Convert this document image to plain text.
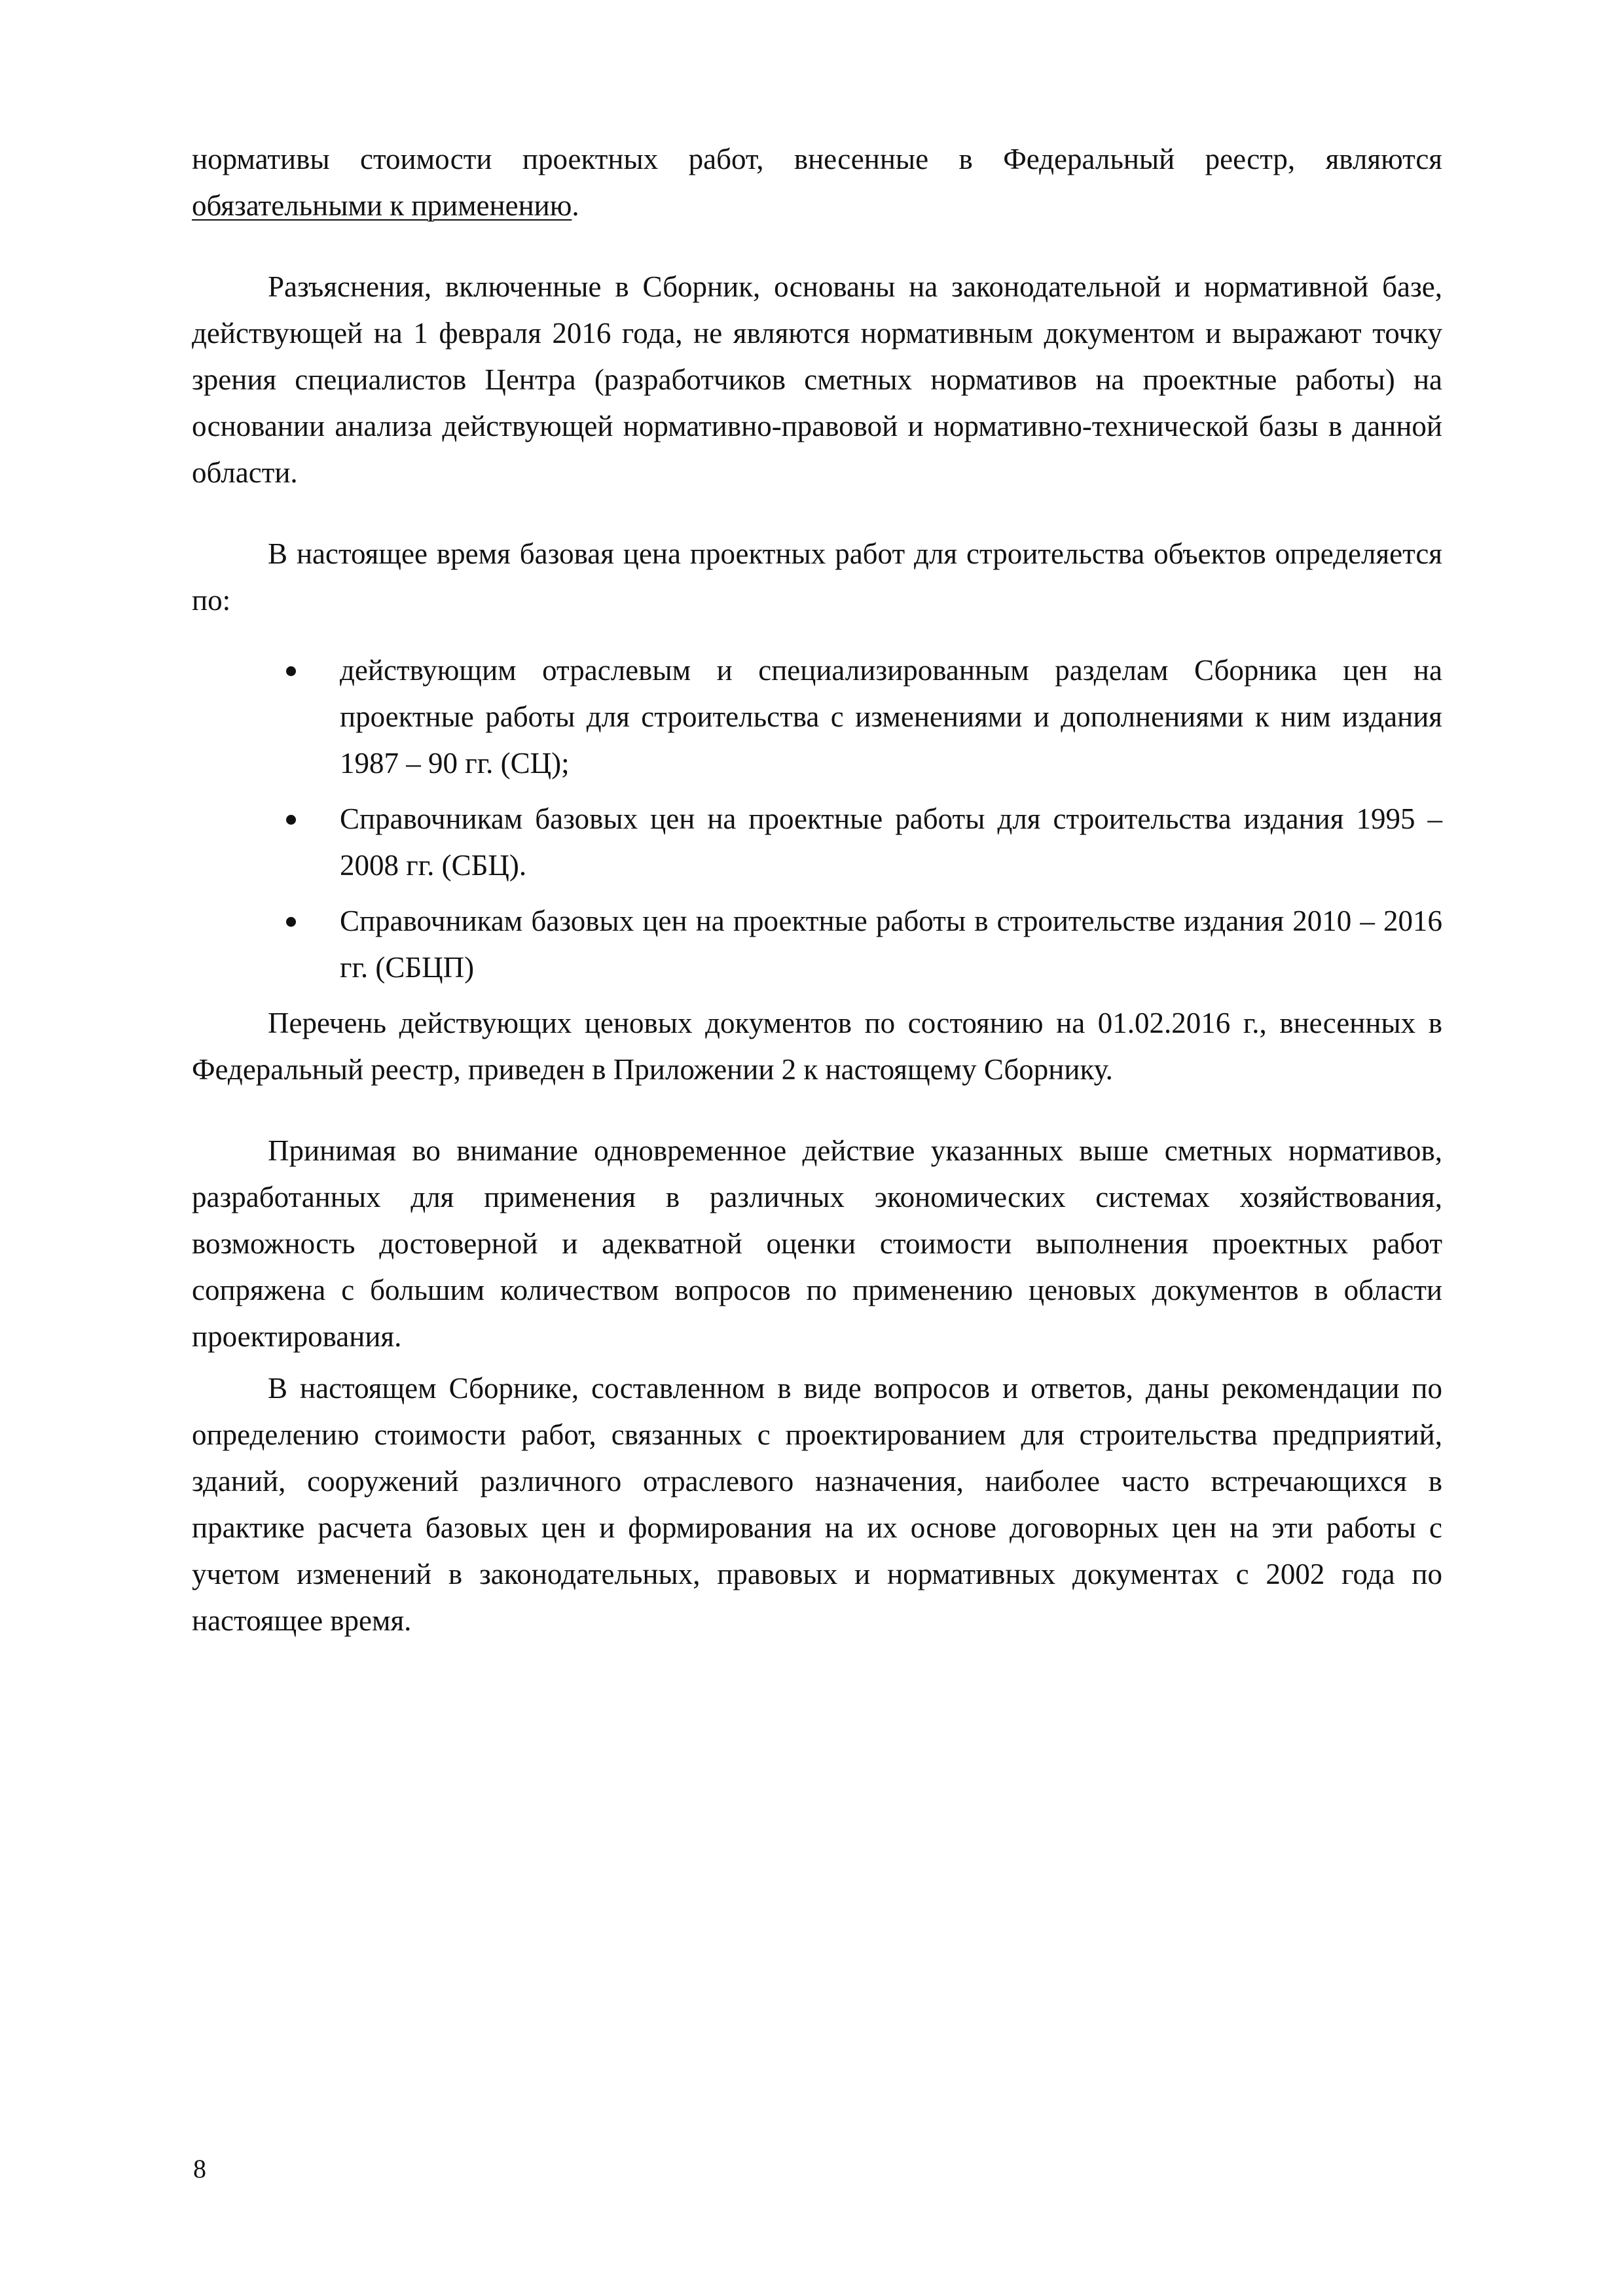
нормативы стоимости проектных работ, внесенные в Федеральный реестр, являются обязательными к применению.

Разъяснения, включенные в Сборник, основаны на законодательной и нормативной базе, действующей на 1 февраля 2016 года, не являются нормативным документом и выражают точку зрения специалистов Центра (разработчиков сметных нормативов на проектные работы) на основании анализа действующей нормативно-правовой и нормативно-технической базы в данной области.

В настоящее время базовая цена проектных работ для строительства объектов определяется по:

действующим отраслевым и специализированным разделам Сборника цен на проектные работы для строительства с изменениями и дополнениями к ним издания 1987 – 90 гг. (СЦ);
Справочникам базовых цен на проектные работы для строительства издания 1995 – 2008 гг. (СБЦ).
Справочникам базовых цен на проектные работы в строительстве издания 2010 – 2016 гг. (СБЦП)

Перечень действующих ценовых документов по состоянию на 01.02.2016 г., внесенных в Федеральный реестр, приведен в Приложении 2 к настоящему Сборнику.

Принимая во внимание одновременное действие указанных выше сметных нормативов, разработанных для применения в различных экономических системах хозяйствования, возможность достоверной и адекватной оценки стоимости выполнения проектных работ сопряжена с большим количеством вопросов по применению ценовых документов в области проектирования.

В настоящем Сборнике, составленном в виде вопросов и ответов, даны рекомендации по определению стоимости работ, связанных с проектированием для строительства предприятий, зданий, сооружений различного отраслевого назначения, наиболее часто встречающихся в практике расчета базовых цен и формирования на их основе договорных цен на эти работы с учетом изменений в законодательных, правовых и нормативных документах с 2002 года по настоящее время.

8
